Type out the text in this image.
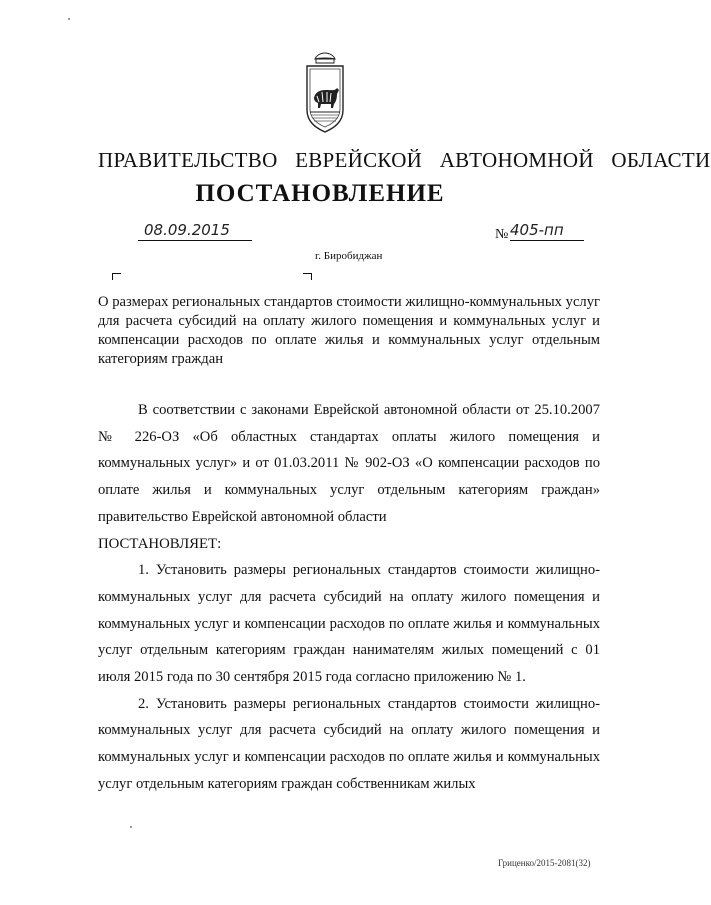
ПРАВИТЕЛЬСТВО ЕВРЕЙСКОЙ АВТОНОМНОЙ ОБЛАСТИ
ПОСТАНОВЛЕНИЕ
08.09.2015	№ 405-пп
г. Биробиджан
О размерах региональных стандартов стоимости жилищно-коммунальных услуг для расчета субсидий на оплату жилого помещения и коммунальных услуг и компенсации расходов по оплате жилья и коммунальных услуг отдельным категориям граждан

В соответствии с законами Еврейской автономной области от 25.10.2007 № 226-ОЗ «Об областных стандартах оплаты жилого помещения и коммунальных услуг» и от 01.03.2011 № 902-ОЗ «О компенсации расходов по оплате жилья и коммунальных услуг отдельным категориям граждан» правительство Еврейской автономной области

ПОСТАНОВЛЯЕТ:

1. Установить размеры региональных стандартов стоимости жилищно-коммунальных услуг для расчета субсидий на оплату жилого помещения и коммунальных услуг и компенсации расходов по оплате жилья и коммунальных услуг отдельным категориям граждан нанимателям жилых помещений с 01 июля 2015 года по 30 сентября 2015 года согласно приложению № 1.

2. Установить размеры региональных стандартов стоимости жилищно-коммунальных услуг для расчета субсидий на оплату жилого помещения и коммунальных услуг и компенсации расходов по оплате жилья и коммунальных услуг отдельным категориям граждан собственникам жилых

Гриценко/2015-2081(32)
